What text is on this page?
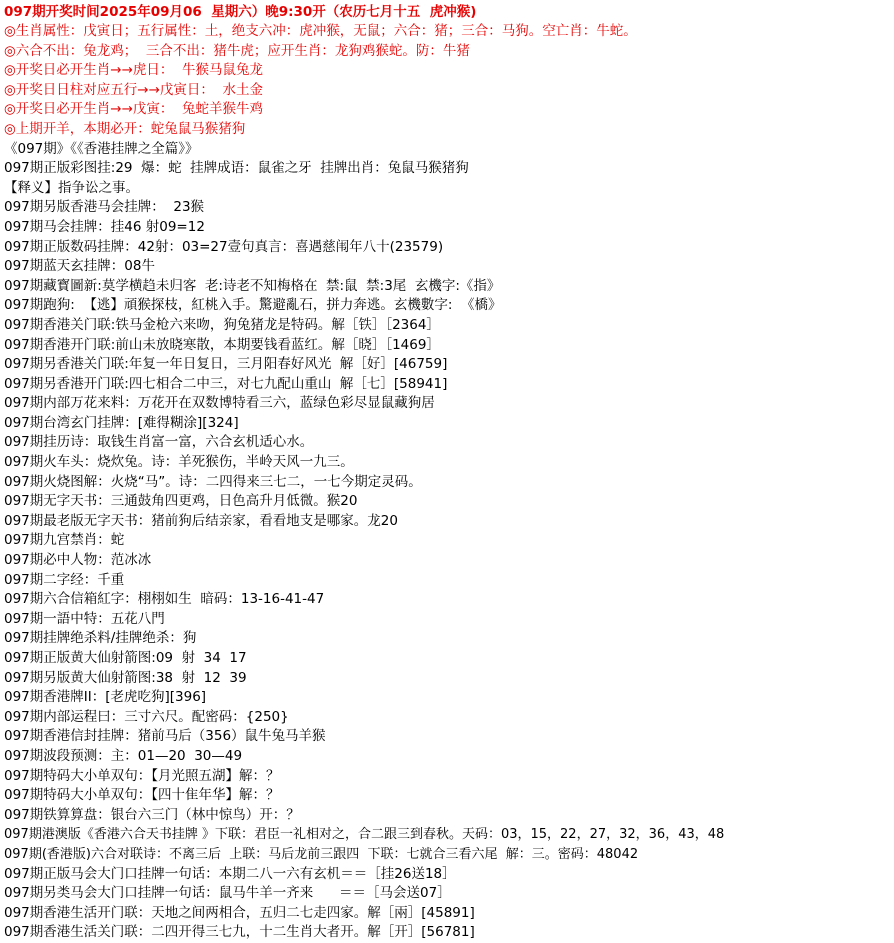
097期开奖时间2025年09月06  星期六）晚9:30开（农历七月十五  虎冲猴)
◎生肖属性：戊寅日；五行属性：土，绝支六冲：虎冲猴，无鼠；六合：猪；三合：马狗。空亡肖：牛蛇。
◎六合不出：兔龙鸡；  三合不出：猪牛虎；应开生肖：龙狗鸡猴蛇。防：牛猪
◎开奖日必开生肖→→虎日：  牛猴马鼠兔龙
◎开奖日日柱对应五行→→戊寅日：  水土金
◎开奖日必开生肖→→戊寅：  兔蛇羊猴牛鸡
◎上期开羊，本期必开：蛇兔鼠马猴猪狗
《097期》《《香港挂牌之全篇》》
097期正版彩图挂:29  爆：蛇  挂牌成语：鼠雀之牙  挂牌出肖：兔鼠马猴猪狗
【释义】指争讼之事。
097期另版香港马会挂牌：  23猴
097期马会挂牌：挂46 射09=12
097期正版数码挂牌：42射：03=27壹句真言：喜遇慈闱年八十(23579)
097期蓝天玄挂牌：08牛
097期藏寳圖新:莫学横趋未归客  老:诗老不知梅格在  禁:鼠  禁:3尾  玄機字:《指》
097期跑狗:  【逃】頑猴探枝，紅桃入手。驚避亂石，拼力奔逃。玄機數字:  《橋》
097期香港关门联:铁马金枪六来吻，狗兔猪龙是特码。解［铁］［2364］
097期香港开门联:前山未放晓寒散，本期要钱看蓝红。解［晓］［1469］
097期另香港关门联:年复一年日复日，三月阳春好风光  解［好］[46759]
097期另香港开门联:四七相合二中三，对七九配山重山  解［七］[58941]
097期内部万花来料：万花开在双数博特看三六，蓝绿色彩尽显鼠藏狗居
097期台湾玄门挂牌：[难得糊涂][324]
097期挂历诗：取钱生肖富一富，六合玄机适心水。
097期火车头：烧炊兔。诗：羊死猴伤，半岭天风一九三。
097期火烧图解：火烧“马”。诗：二四得来三七二，一七今期定灵码。
097期无字天书：三通鼓角四更鸡，日色高升月低微。猴20
097期最老版无字天书：猪前狗后结亲家，看看地支是哪家。龙20
097期九宫禁肖：蛇
097期必中人物：范冰冰
097期二字经：千重
097期六合信箱紅字：栩栩如生  暗码：13-16-41-47
097期一語中特：五花八門
097期挂牌绝杀料/挂牌绝杀：狗
097期正版黄大仙射箭图:09  射  34  17
097期另版黄大仙射箭图:38  射  12  39
097期香港牌II：[老虎吃狗][396]
097期内部运程曰：三寸六尺。配密码：{250}
097期香港信封挂牌：猪前马后（356）鼠牛兔马羊猴
097期波段预测：主：01—20  30—49
097期特码大小单双句：【月光照五湖】解：？
097期特码大小单双句：【四十隹年华】解：？
097期铁算算盘：银台六三门（林中惊鸟）开：？
097期港澳版《香港六合天书挂牌 》下联：君臣一礼相对之，合二跟三到春秋。天码：03，15，22，27，32，36，43，48
097期(香港版)六合对联诗：不离三后  上联：马后龙前三跟四  下联：七就合三看六尾  解：三。密码：48042
097期正版马会大门口挂牌一句话：本期二八一六有玄机＝＝［挂26送18］
097期另类马会大门口挂牌一句话：鼠马牛羊一齐来      ＝＝［马会送07］
097期香港生活开门联：天地之间两相合，五归二七走四家。解［兩］[45891]
097期香港生活关门联：二四开得三七九，十二生肖大者开。解［开］[56781]
